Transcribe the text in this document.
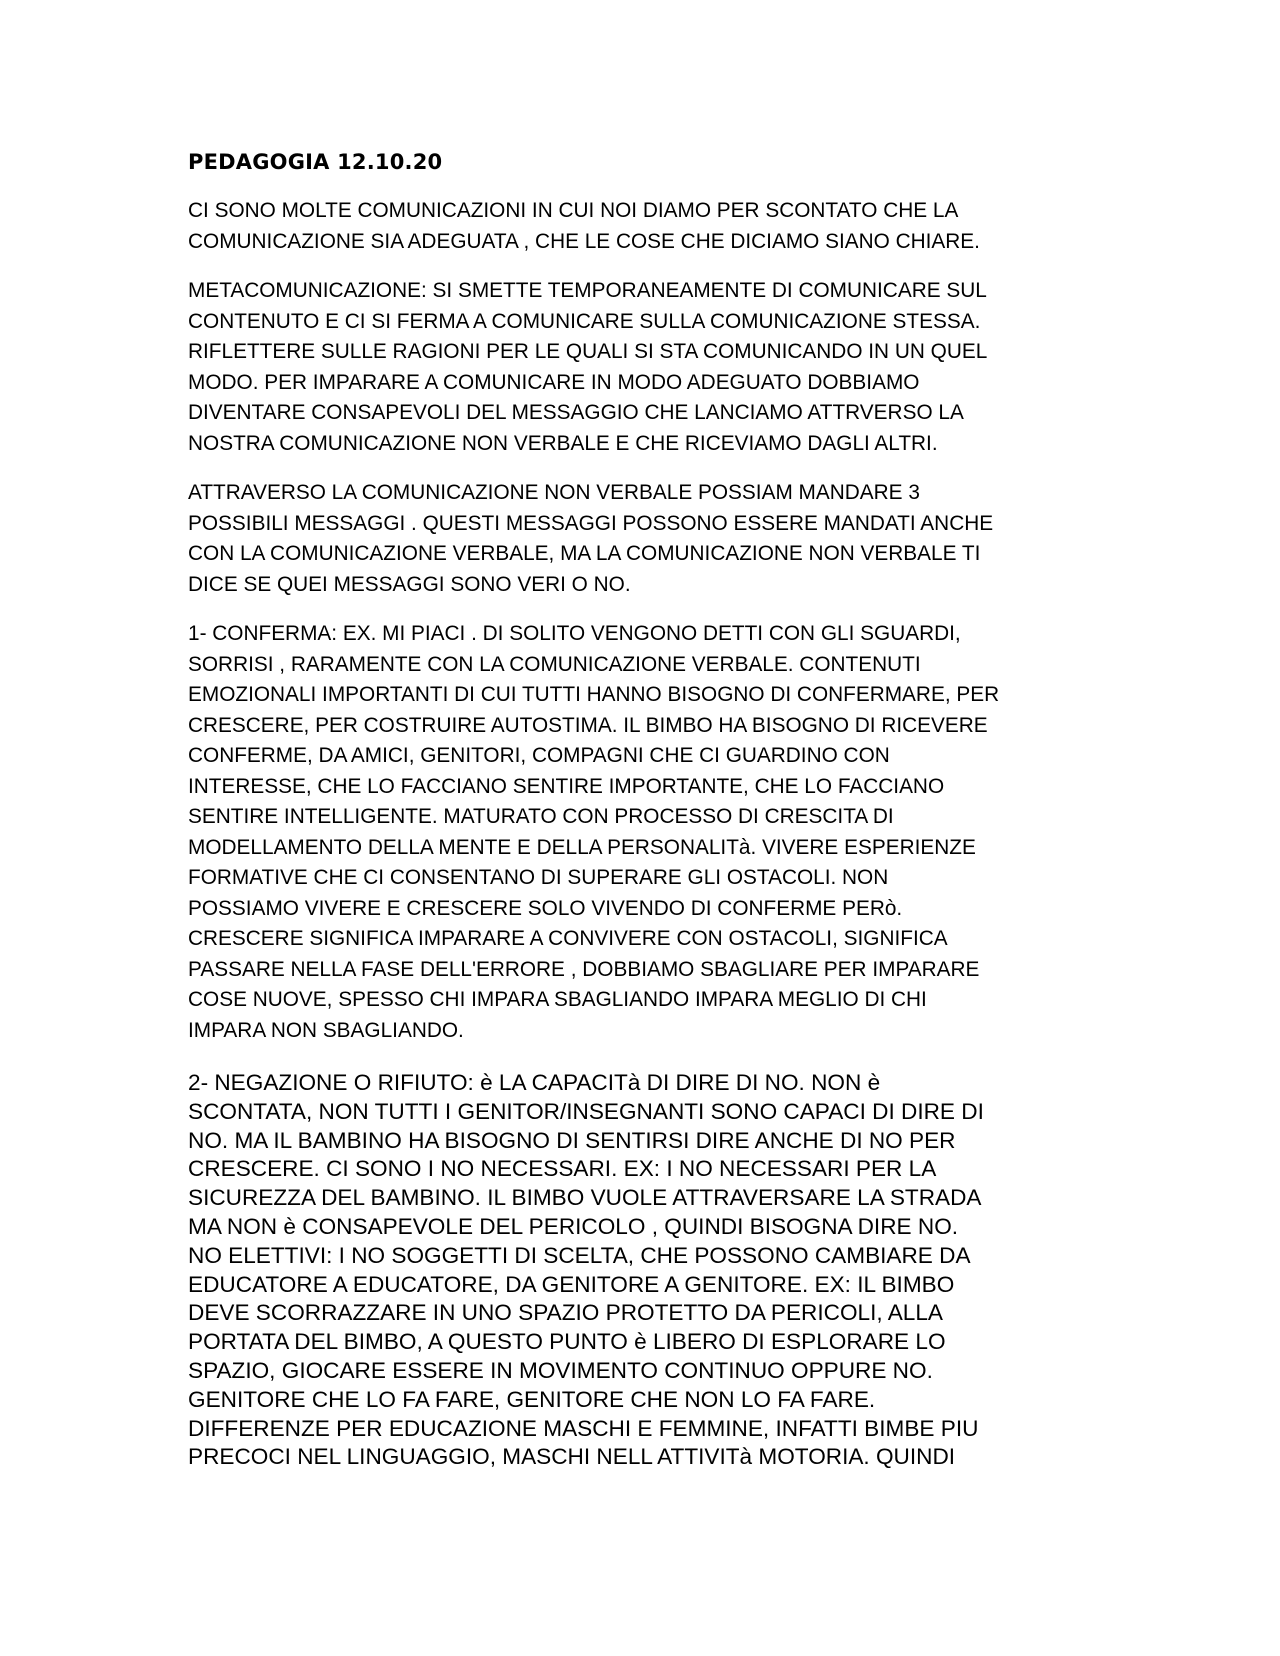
PEDAGOGIA 12.10.20
CI SONO MOLTE COMUNICAZIONI IN CUI NOI DIAMO PER SCONTATO CHE LA
COMUNICAZIONE SIA ADEGUATA , CHE LE COSE CHE DICIAMO SIANO CHIARE.
METACOMUNICAZIONE: SI SMETTE TEMPORANEAMENTE DI COMUNICARE SUL
CONTENUTO E CI SI FERMA A COMUNICARE SULLA COMUNICAZIONE STESSA.
RIFLETTERE SULLE RAGIONI PER LE QUALI SI STA COMUNICANDO IN UN QUEL
MODO. PER IMPARARE A COMUNICARE IN MODO ADEGUATO DOBBIAMO
DIVENTARE CONSAPEVOLI DEL MESSAGGIO CHE LANCIAMO ATTRVERSO LA
NOSTRA COMUNICAZIONE NON VERBALE E CHE RICEVIAMO DAGLI ALTRI.
ATTRAVERSO LA COMUNICAZIONE NON VERBALE POSSIAM MANDARE 3
POSSIBILI MESSAGGI . QUESTI MESSAGGI POSSONO ESSERE MANDATI ANCHE
CON LA COMUNICAZIONE VERBALE, MA LA COMUNICAZIONE NON VERBALE TI
DICE SE QUEI MESSAGGI SONO VERI O NO.
1- CONFERMA: EX. MI PIACI . DI SOLITO VENGONO DETTI CON GLI SGUARDI,
SORRISI , RARAMENTE CON LA COMUNICAZIONE VERBALE. CONTENUTI
EMOZIONALI IMPORTANTI DI CUI TUTTI HANNO BISOGNO DI CONFERMARE, PER
CRESCERE, PER COSTRUIRE AUTOSTIMA. IL BIMBO HA BISOGNO DI RICEVERE
CONFERME, DA AMICI, GENITORI, COMPAGNI CHE CI GUARDINO CON
INTERESSE, CHE LO FACCIANO SENTIRE IMPORTANTE, CHE LO FACCIANO
SENTIRE INTELLIGENTE. MATURATO CON PROCESSO DI CRESCITA DI
MODELLAMENTO DELLA MENTE E DELLA PERSONALITà. VIVERE ESPERIENZE
FORMATIVE CHE CI CONSENTANO DI SUPERARE GLI OSTACOLI. NON
POSSIAMO VIVERE E CRESCERE SOLO VIVENDO DI CONFERME PERò.
CRESCERE SIGNIFICA IMPARARE A CONVIVERE CON OSTACOLI, SIGNIFICA
PASSARE NELLA FASE DELL'ERRORE , DOBBIAMO SBAGLIARE PER IMPARARE
COSE NUOVE, SPESSO CHI IMPARA SBAGLIANDO IMPARA MEGLIO DI CHI
IMPARA NON SBAGLIANDO.
2- NEGAZIONE O RIFIUTO: è LA CAPACITà DI DIRE DI NO. NON è
SCONTATA, NON TUTTI I GENITOR/INSEGNANTI SONO CAPACI DI DIRE DI
NO. MA IL BAMBINO HA BISOGNO DI SENTIRSI DIRE ANCHE DI NO PER
CRESCERE. CI SONO I NO NECESSARI. EX: I NO NECESSARI PER LA
SICUREZZA DEL BAMBINO. IL BIMBO VUOLE ATTRAVERSARE LA STRADA
MA NON è CONSAPEVOLE DEL PERICOLO , QUINDI BISOGNA DIRE NO.
NO ELETTIVI: I NO SOGGETTI DI SCELTA, CHE POSSONO CAMBIARE DA
EDUCATORE A EDUCATORE, DA GENITORE A GENITORE. EX: IL BIMBO
DEVE SCORRAZZARE IN UNO SPAZIO PROTETTO DA PERICOLI, ALLA
PORTATA DEL BIMBO, A QUESTO PUNTO è LIBERO DI ESPLORARE LO
SPAZIO, GIOCARE ESSERE IN MOVIMENTO CONTINUO OPPURE NO.
GENITORE CHE LO FA FARE, GENITORE CHE NON LO FA FARE.
DIFFERENZE PER EDUCAZIONE MASCHI E FEMMINE, INFATTI BIMBE PIU
PRECOCI NEL LINGUAGGIO, MASCHI NELL ATTIVITà MOTORIA. QUINDI
